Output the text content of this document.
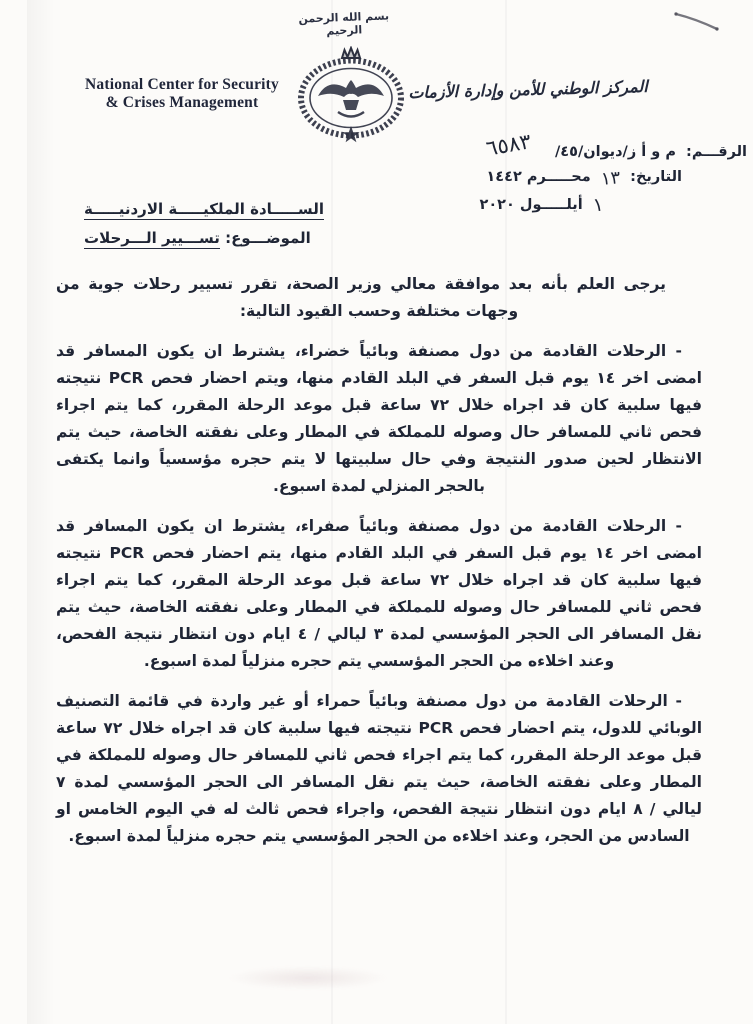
بسم الله الرحمن الرحيم
National Center for Security
& Crises Management
المركز الوطني للأمن وإدارة الأزمات
الرقـــم: م و أ ز/ديوان/٤٥/ ٦٥٨٣
التاريخ: ١٣ محـــــرم ١٤٤٢
١ أيلـــــول ٢٠٢٠
الســـــادة الملكيـــــة الاردنيـــــة
الموضـــوع: تســـيير الـــرحلات

يرجى العلم بأنه بعد موافقة معالي وزير الصحة، تقرر تسيير رحلات جوية من وجهات مختلفة وحسب القيود التالية:

- الرحلات القادمة من دول مصنفة وبائياً خضراء، يشترط ان يكون المسافر قد امضى اخر ١٤ يوم قبل السفر في البلد القادم منها، ويتم احضار فحص PCR نتيجته فيها سلبية كان قد اجراه خلال ٧٢ ساعة قبل موعد الرحلة المقرر، كما يتم اجراء فحص ثاني للمسافر حال وصوله للمملكة في المطار وعلى نفقته الخاصة، حيث يتم الانتظار لحين صدور النتيجة وفي حال سلبيتها لا يتم حجره مؤسسياً وانما يكتفى بالحجر المنزلي لمدة اسبوع.

- الرحلات القادمة من دول مصنفة وبائياً صفراء، يشترط ان يكون المسافر قد امضى اخر ١٤ يوم قبل السفر في البلد القادم منها، يتم احضار فحص PCR نتيجته فيها سلبية كان قد اجراه خلال ٧٢ ساعة قبل موعد الرحلة المقرر، كما يتم اجراء فحص ثاني للمسافر حال وصوله للمملكة في المطار وعلى نفقته الخاصة، حيث يتم نقل المسافر الى الحجر المؤسسي لمدة ٣ ليالي / ٤ ايام دون انتظار نتيجة الفحص، وعند اخلاءه من الحجر المؤسسي يتم حجره منزلياً لمدة اسبوع.

- الرحلات القادمة من دول مصنفة وبائياً حمراء أو غير واردة في قائمة التصنيف الوبائي للدول، يتم احضار فحص PCR نتيجته فيها سلبية كان قد اجراه خلال ٧٢ ساعة قبل موعد الرحلة المقرر، كما يتم اجراء فحص ثاني للمسافر حال وصوله للمملكة في المطار وعلى نفقته الخاصة، حيث يتم نقل المسافر الى الحجر المؤسسي لمدة ٧ ليالي / ٨ ايام دون انتظار نتيجة الفحص، واجراء فحص ثالث له في اليوم الخامس او السادس من الحجر، وعند اخلاءه من الحجر المؤسسي يتم حجره منزلياً لمدة اسبوع.
